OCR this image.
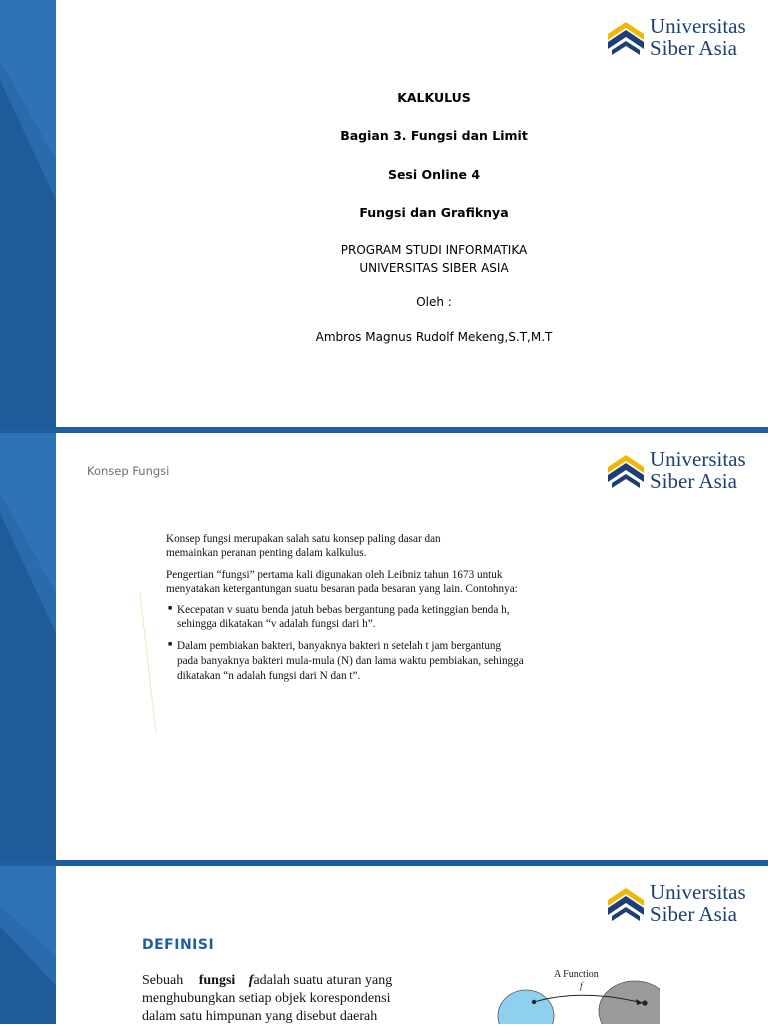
Universitas
Siber Asia
KALKULUS
Bagian 3. Fungsi dan Limit
Sesi Online 4
Fungsi dan Grafiknya
PROGRAM STUDI INFORMATIKA
UNIVERSITAS SIBER ASIA
Oleh :
Ambros Magnus Rudolf Mekeng,S.T,M.T
Universitas
Siber Asia
Konsep Fungsi
Konsep fungsi merupakan salah satu konsep paling dasar dan
memainkan peranan penting dalam kalkulus.
Pengertian “fungsi” pertama kali digunakan oleh Leibniz tahun 1673 untuk
menyatakan ketergantungan suatu besaran pada besaran yang lain. Contohnya:
■ Kecepatan v suatu benda jatuh bebas bergantung pada ketinggian benda h,
sehingga dikatakan “v adalah fungsi dari h”.
■ Dalam pembiakan bakteri, banyaknya bakteri n setelah t jam bergantung
pada banyaknya bakteri mula-mula (N) dan lama waktu pembiakan, sehingga
dikatakan “n adalah fungsi dari N dan t”.
Universitas
Siber Asia
A Function
f
DEFINISI
Sebuah fungsi fadalah suatu aturan yang
menghubungkan setiap objek korespondensi
dalam satu himpunan yang disebut daerah
